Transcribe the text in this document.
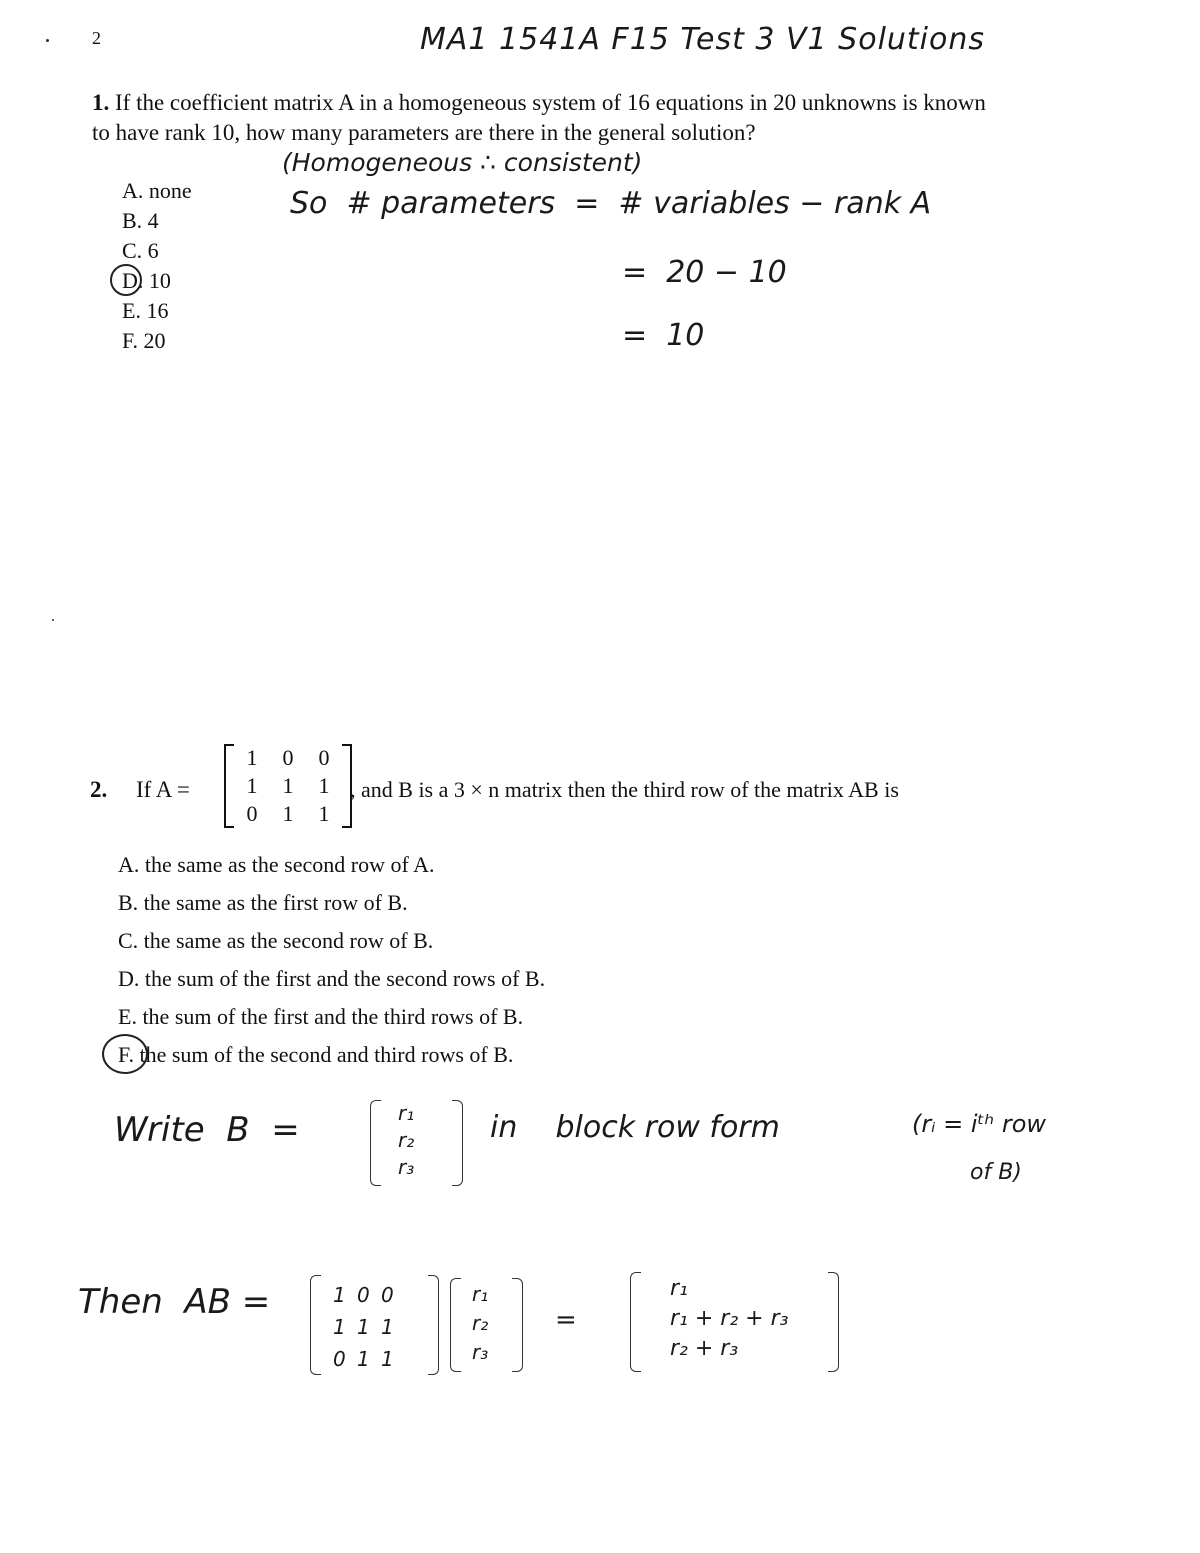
2	MA1 1541A F15 Test 3 V1 Solutions
1. If the coefficient matrix A in a homogeneous system of 16 equations in 20 unknowns is known
to have rank 10, how many parameters are there in the general solution?
A. none
B. 4
C. 6
D. 10
E. 16
F. 20
(Homogeneous ∴ consistent)
So  # parameters  =  # variables − rank A
=  20 − 10
=  10
2. If A =
1	0	0
1	1	1
0	1	1
, and B is a 3 × n matrix then the third row of the matrix AB is
A. the same as the second row of A.
B. the same as the first row of B.
C. the same as the second row of B.
D. the sum of the first and the second rows of B.
E. the sum of the first and the third rows of B.
F. the sum of the second and third rows of B.
Write  B  =	r₁
r₂
r₃
in    block row form	(rᵢ = iᵗʰ row
of B)
Then  AB =	1	0	0
1	1	1
0	1	1
r₁
r₂
r₃
=
r₁
r₁ + r₂ + r₃
r₂ + r₃
